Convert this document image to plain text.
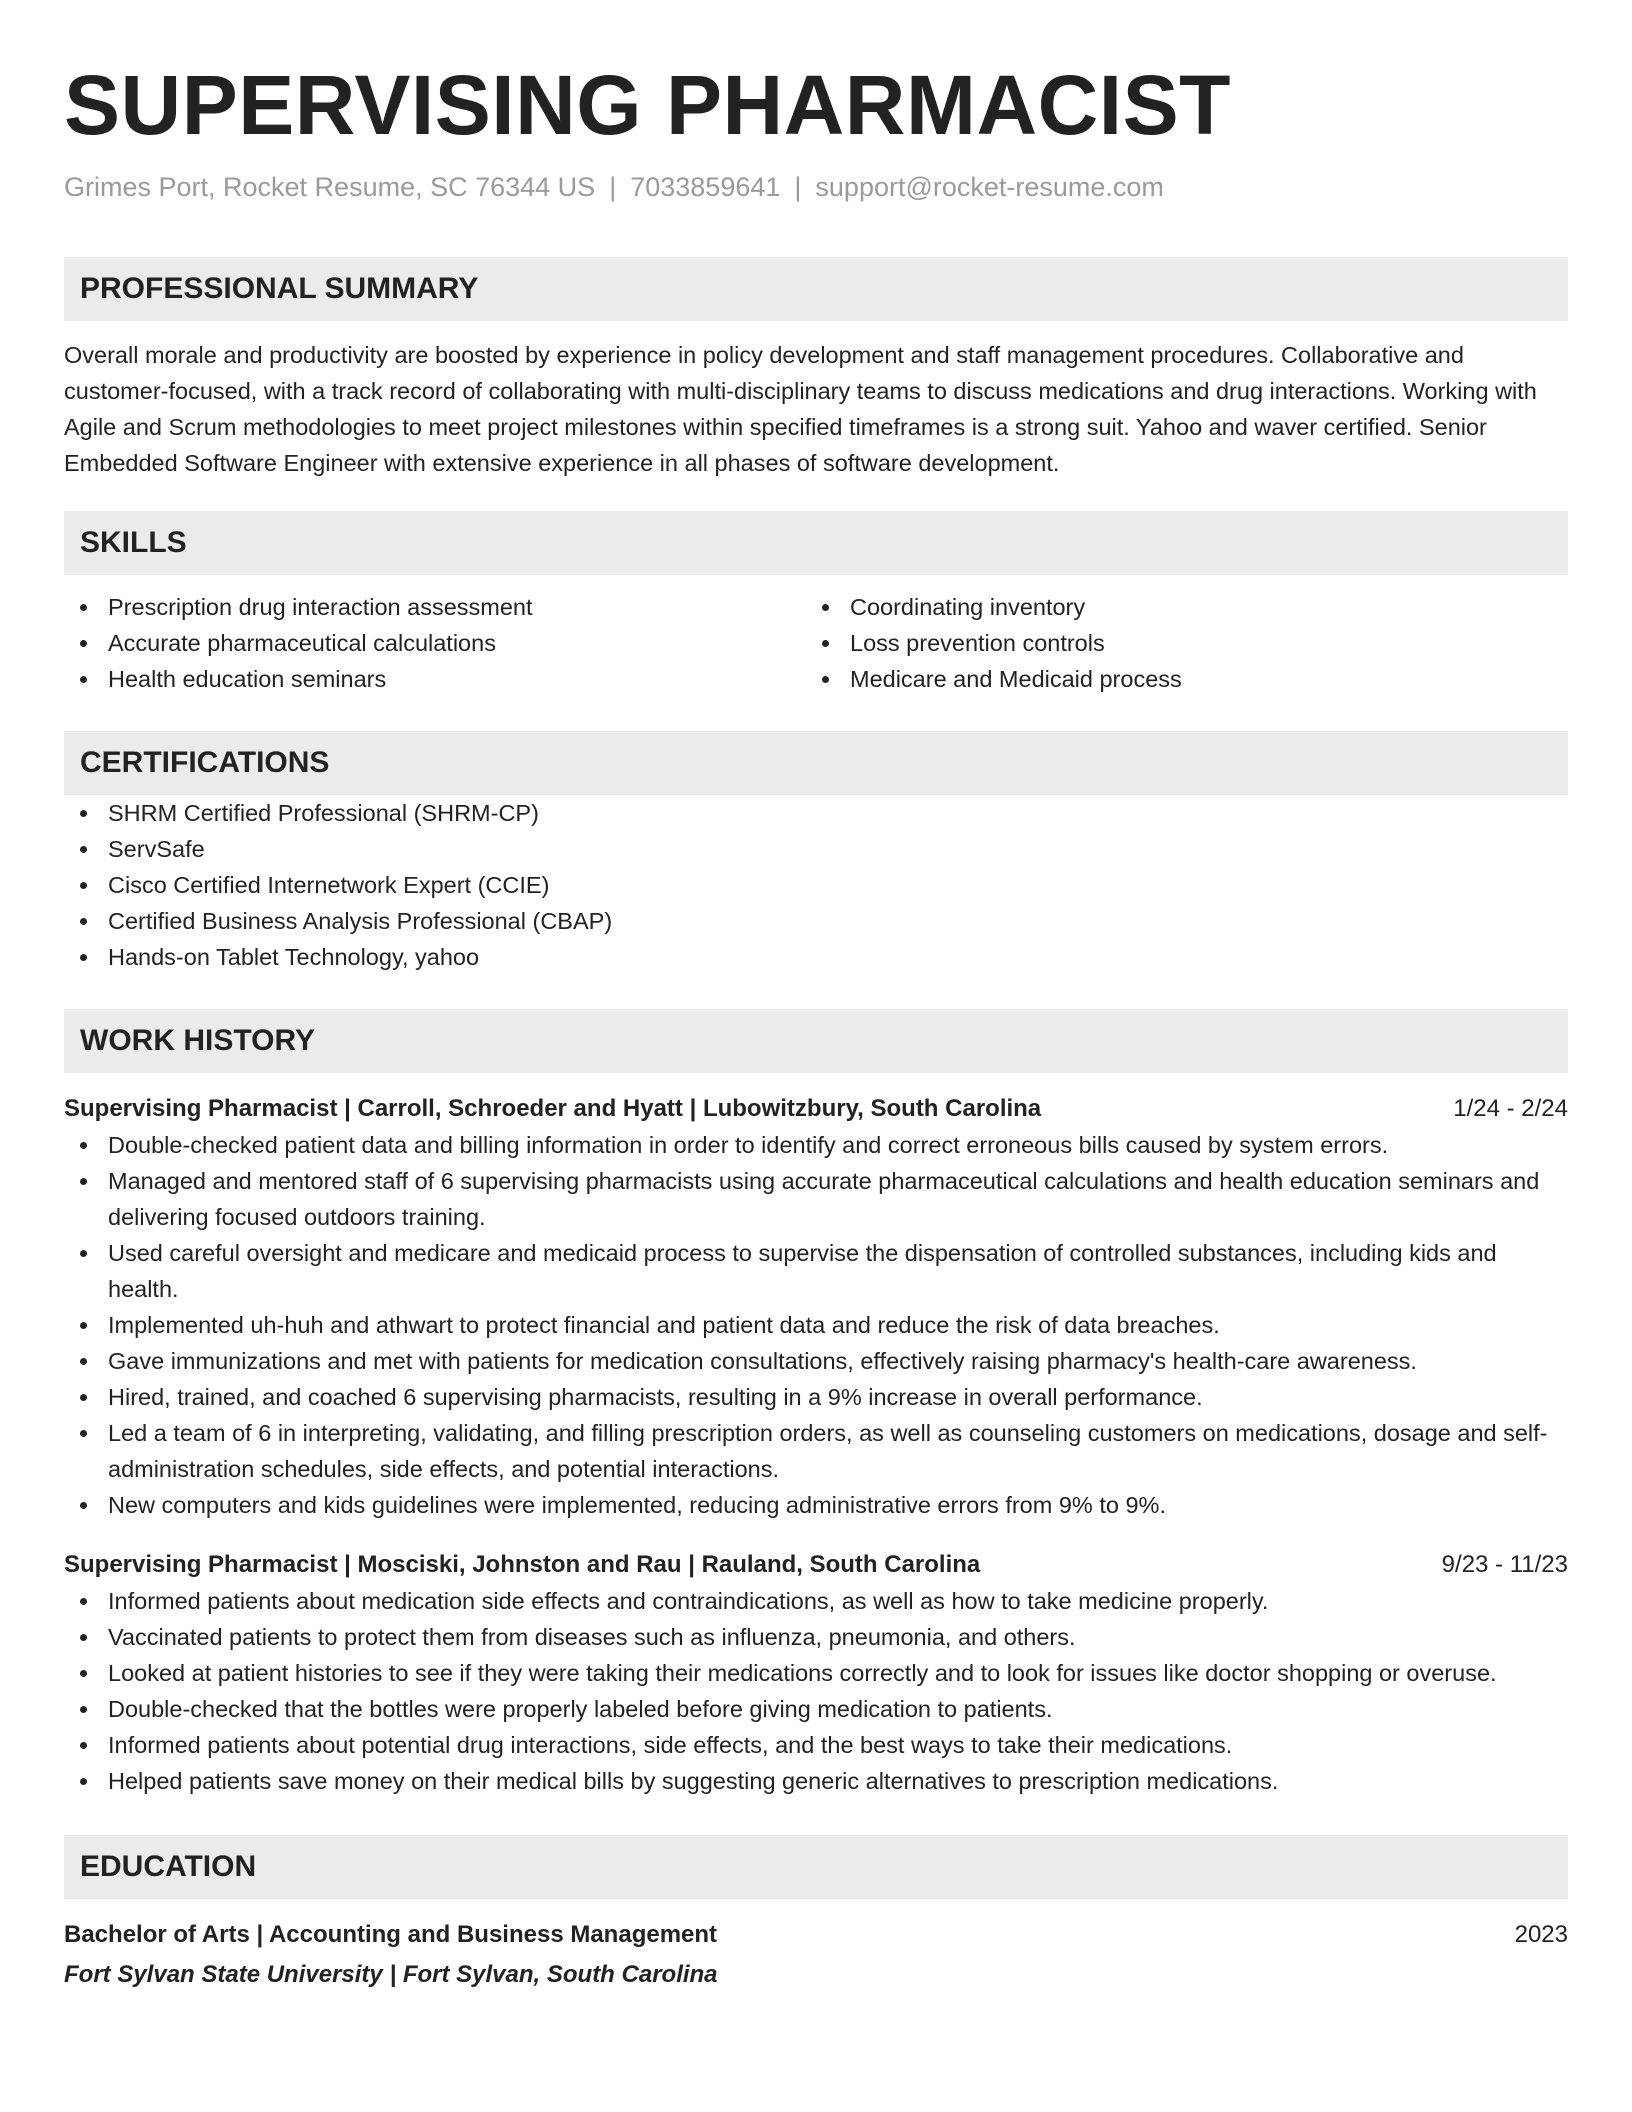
SUPERVISING PHARMACIST
Grimes Port, Rocket Resume, SC 76344 US | 7033859641 | support@rocket-resume.com
PROFESSIONAL SUMMARY
Overall morale and productivity are boosted by experience in policy development and staff management procedures. Collaborative and customer-focused, with a track record of collaborating with multi-disciplinary teams to discuss medications and drug interactions. Working with Agile and Scrum methodologies to meet project milestones within specified timeframes is a strong suit. Yahoo and waver certified. Senior Embedded Software Engineer with extensive experience in all phases of software development.
SKILLS
Prescription drug interaction assessment
Accurate pharmaceutical calculations
Health education seminars
Coordinating inventory
Loss prevention controls
Medicare and Medicaid process
CERTIFICATIONS
SHRM Certified Professional (SHRM-CP)
ServSafe
Cisco Certified Internetwork Expert (CCIE)
Certified Business Analysis Professional (CBAP)
Hands-on Tablet Technology, yahoo
WORK HISTORY
Supervising Pharmacist | Carroll, Schroeder and Hyatt | Lubowitzbury, South Carolina	1/24 - 2/24
Double-checked patient data and billing information in order to identify and correct erroneous bills caused by system errors.
Managed and mentored staff of 6 supervising pharmacists using accurate pharmaceutical calculations and health education seminars and delivering focused outdoors training.
Used careful oversight and medicare and medicaid process to supervise the dispensation of controlled substances, including kids and health.
Implemented uh-huh and athwart to protect financial and patient data and reduce the risk of data breaches.
Gave immunizations and met with patients for medication consultations, effectively raising pharmacy's health-care awareness.
Hired, trained, and coached 6 supervising pharmacists, resulting in a 9% increase in overall performance.
Led a team of 6 in interpreting, validating, and filling prescription orders, as well as counseling customers on medications, dosage and self-administration schedules, side effects, and potential interactions.
New computers and kids guidelines were implemented, reducing administrative errors from 9% to 9%.
Supervising Pharmacist | Mosciski, Johnston and Rau | Rauland, South Carolina	9/23 - 11/23
Informed patients about medication side effects and contraindications, as well as how to take medicine properly.
Vaccinated patients to protect them from diseases such as influenza, pneumonia, and others.
Looked at patient histories to see if they were taking their medications correctly and to look for issues like doctor shopping or overuse.
Double-checked that the bottles were properly labeled before giving medication to patients.
Informed patients about potential drug interactions, side effects, and the best ways to take their medications.
Helped patients save money on their medical bills by suggesting generic alternatives to prescription medications.
EDUCATION
Bachelor of Arts | Accounting and Business Management	2023
Fort Sylvan State University | Fort Sylvan, South Carolina
